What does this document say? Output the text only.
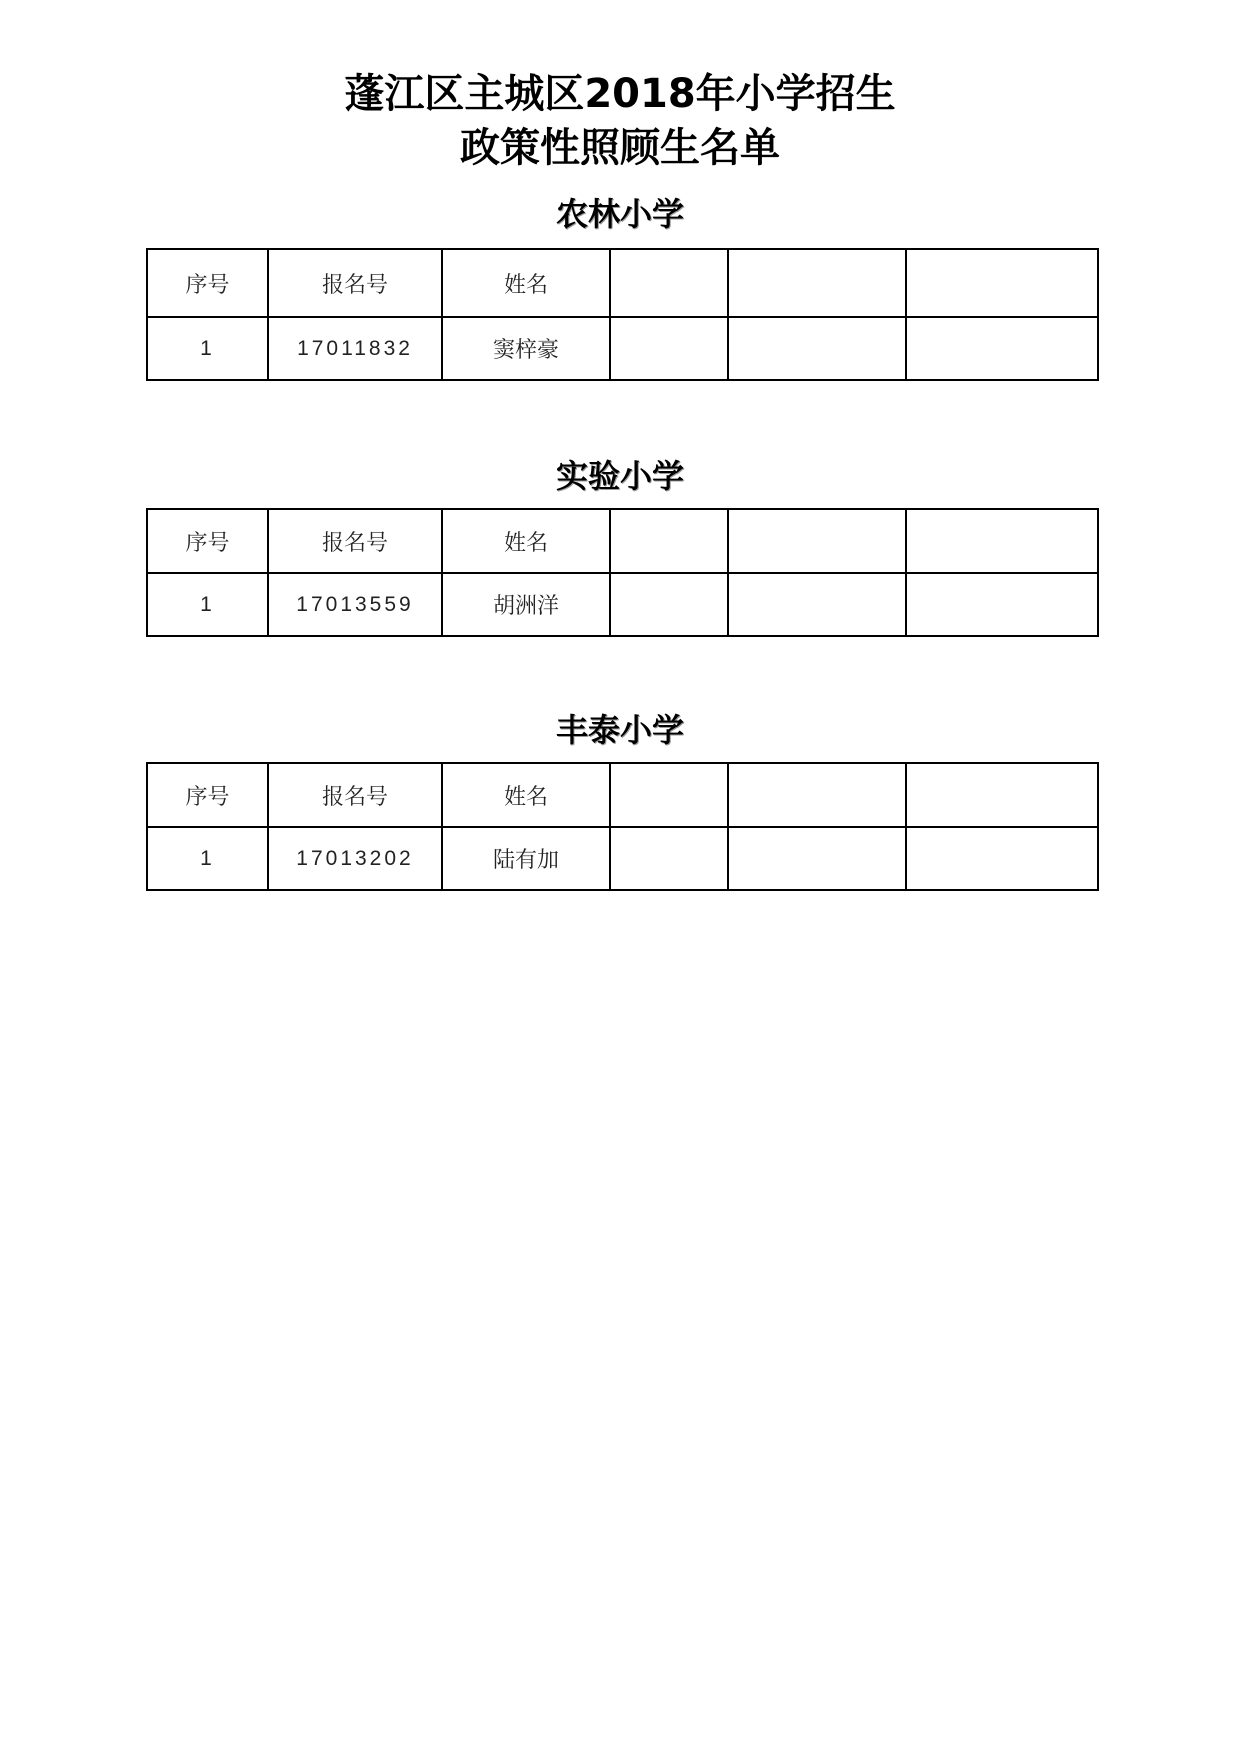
蓬江区主城区2018年小学招生
政策性照顾生名单
农林小学
序号	报名号	姓名			
1	17011832	窦梓豪			
实验小学
序号	报名号	姓名			
1	17013559	胡洲洋			
丰泰小学
序号	报名号	姓名			
1	17013202	陆有加			
